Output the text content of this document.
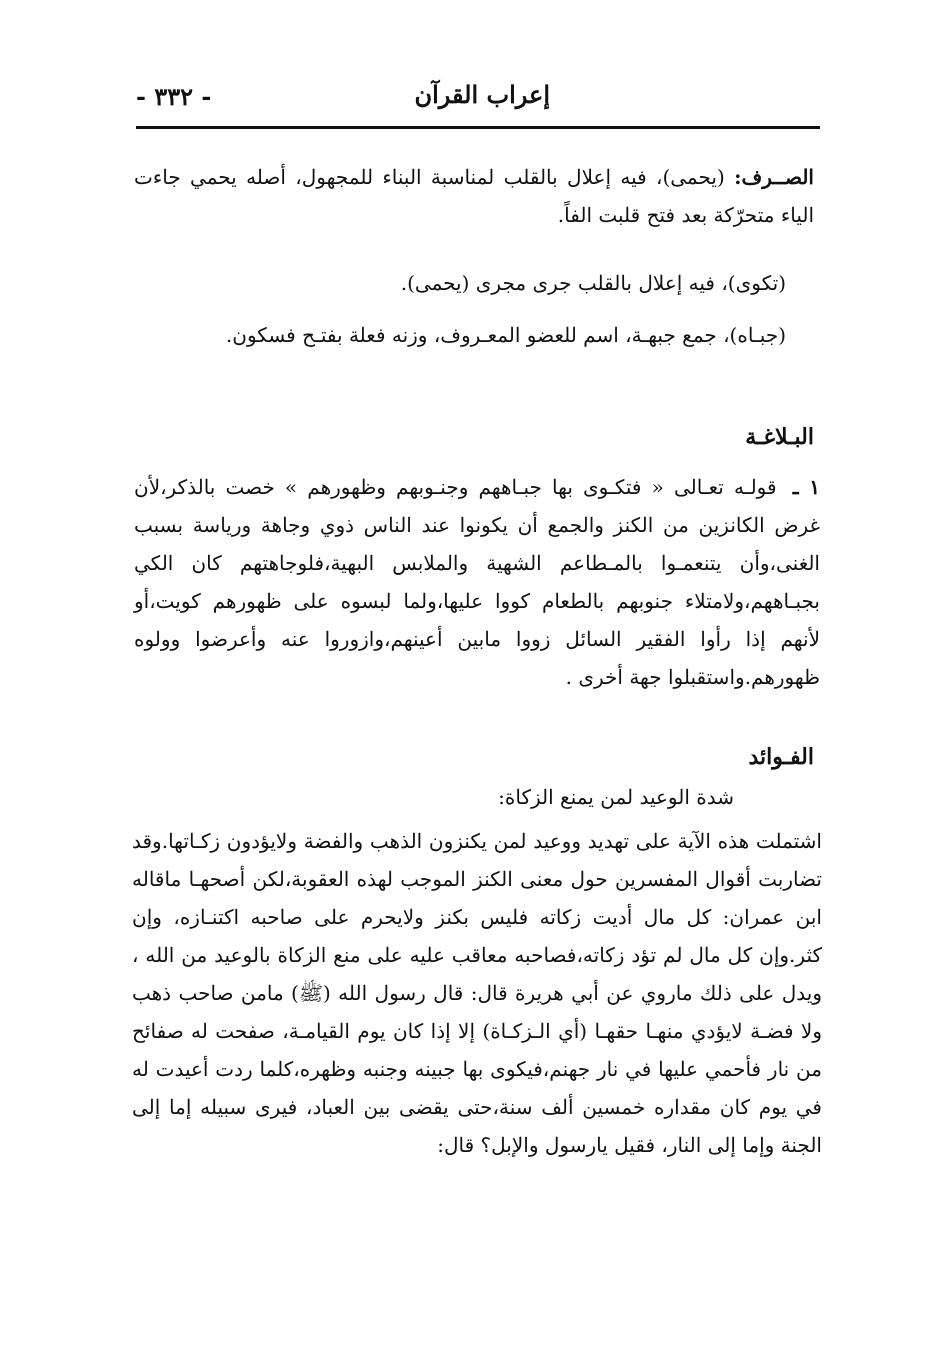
إعراب القرآن
- ٣٣٢ -
الصــرف: (يحمى)، فيه إعلال بالقلب لمناسبة البناء للمجهول، أصله يحمي جاءت الياء متحرّكة بعد فتح قلبت الفاً.
(تكوى)، فيه إعلال بالقلب جرى مجرى (يحمى).
(جبـاه)، جمع جبهـة، اسم للعضو المعـروف، وزنه فعلة بفتـح فسكون.
البـلاغـة
١ ـ قولـه تعـالى « فتكـوى بها جبـاههم وجنـوبهم وظهورهم » خصت بالذكر،لأن غرض الكانزين من الكنز والجمع أن يكونوا عند الناس ذوي وجاهة ورياسة بسبب الغنى،وأن يتنعمـوا بالمـطاعم الشهية والملابس البهية،فلوجاهتهم كان الكي بجبـاههم،ولامتلاء جنوبهم بالطعام كووا عليها،ولما لبسوه على ظهورهم كويت،أو لأنهم إذا رأوا الفقير السائل زووا مابين أعينهم،وازوروا عنه وأعرضوا وولوه ظهورهم.واستقبلوا جهة أخرى .
الفـوائد
شدة الوعيد لمن يمنع الزكاة:
اشتملت هذه الآية على تهديد ووعيد لمن يكنزون الذهب والفضة ولايؤدون زكـاتها.وقد تضاربت أقوال المفسرين حول معنى الكنز الموجب لهذه العقوبة،لكن أصحهـا ماقاله ابن عمران: كل مال أديت زكاته فليس بكنز ولايحرم على صاحبه اكتنـازه، وإن كثر.وإن كل مال لم تؤد زكاته،فصاحبه معاقب عليه على منع الزكاة بالوعيد من الله ، ويدل على ذلك ماروي عن أبي هريرة قال: قال رسول الله (ﷺ) مامن صاحب ذهب ولا فضـة لايؤدي منهـا حقهـا (أي الـزكـاة) إلا إذا كان يوم القيامـة، صفحت له صفائح من نار فأحمي عليها في نار جهنم،فيكوى بها جبينه وجنبه وظهره،كلما ردت أعيدت له في يوم كان مقداره خمسين ألف سنة،حتى يقضى بين العباد، فيرى سبيله إما إلى الجنة وإما إلى النار، فقيل يارسول والإبل؟ قال:
